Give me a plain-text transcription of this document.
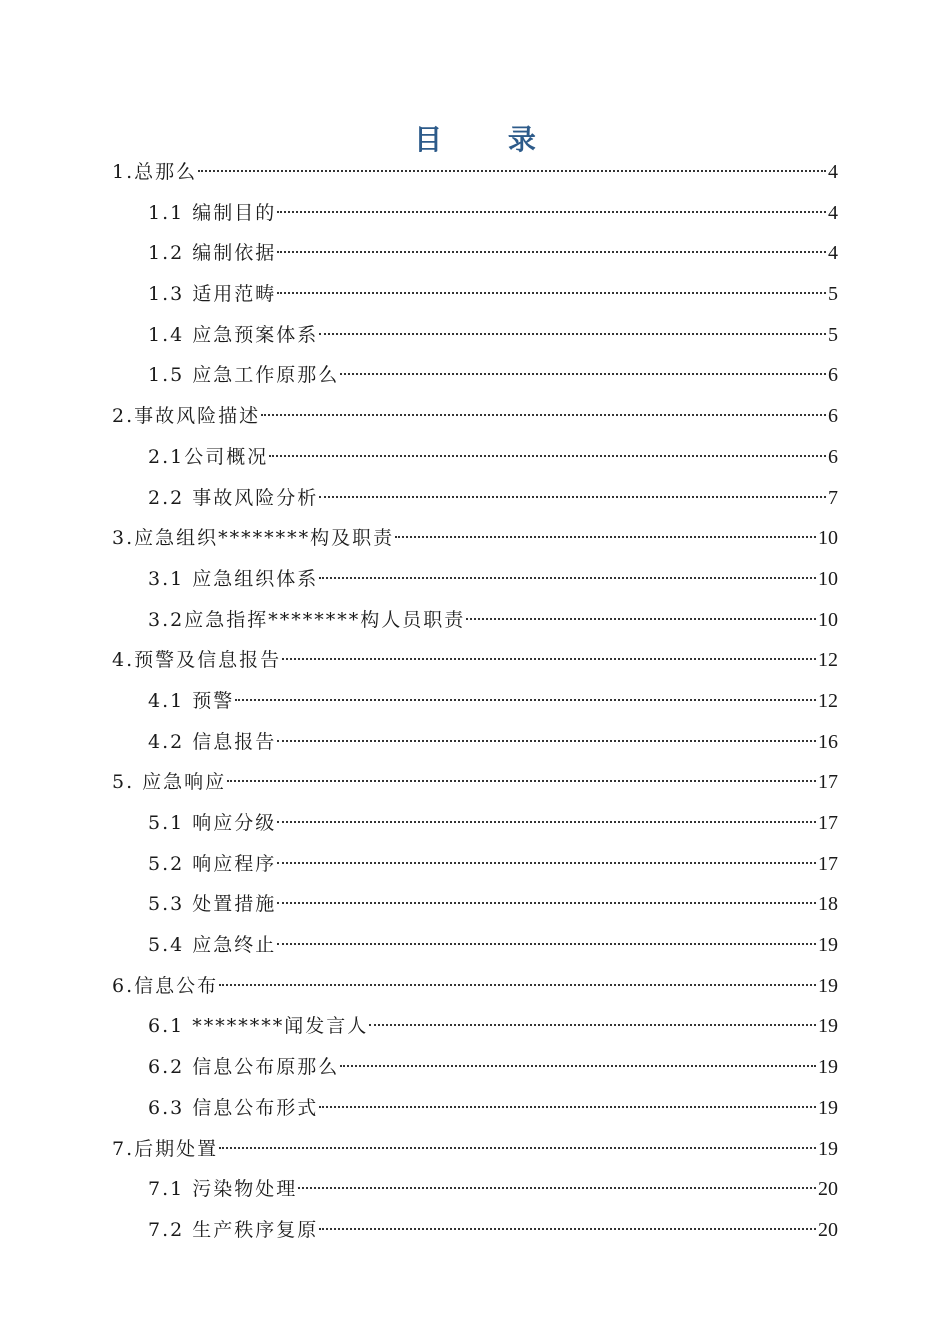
目 录
1.总那么	4
1.1 编制目的	4
1.2 编制依据	4
1.3 适用范畴	5
1.4 应急预案体系	5
1.5 应急工作原那么	6
2.事故风险描述	6
2.1公司概况	6
2.2 事故风险分析	7
3.应急组织********构及职责	10
3.1 应急组织体系	10
3.2应急指挥********构人员职责	10
4.预警及信息报告	12
4.1 预警	12
4.2 信息报告	16
5. 应急响应	17
5.1 响应分级	17
5.2 响应程序	17
5.3 处置措施	18
5.4 应急终止	19
6.信息公布	19
6.1 ********闻发言人	19
6.2 信息公布原那么	19
6.3 信息公布形式	19
7.后期处置	19
7.1 污染物处理	20
7.2 生产秩序复原	20
